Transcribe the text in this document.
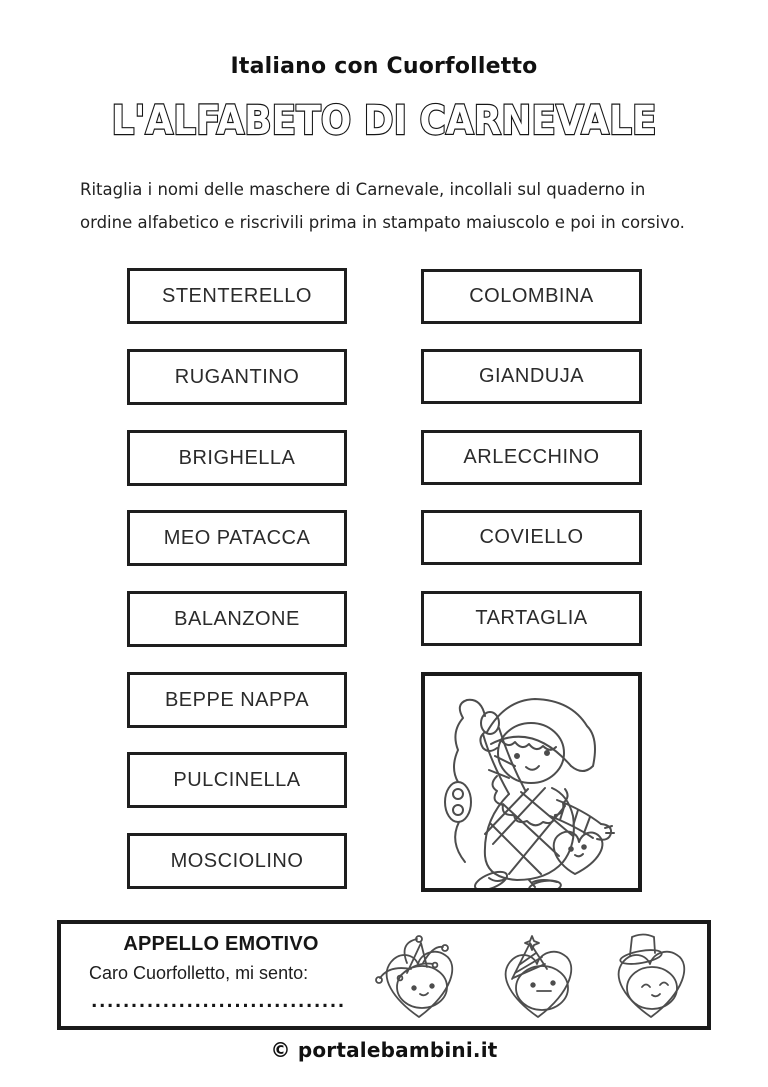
Italiano con Cuorfolletto
L'ALFABETO DI CARNEVALE
Ritaglia i nomi delle maschere di Carnevale, incollali sul quaderno in
ordine alfabetico e riscrivili prima in stampato maiuscolo e poi in corsivo.
STENTERELLO
RUGANTINO
BRIGHELLA
MEO PATACCA
BALANZONE
BEPPE NAPPA
PULCINELLA
MOSCIOLINO
COLOMBINA
GIANDUJA
ARLECCHINO
COVIELLO
TARTAGLIA
APPELLO EMOTIVO

Caro Cuorfolletto, mi sento:

................................

© portalebambini.it
